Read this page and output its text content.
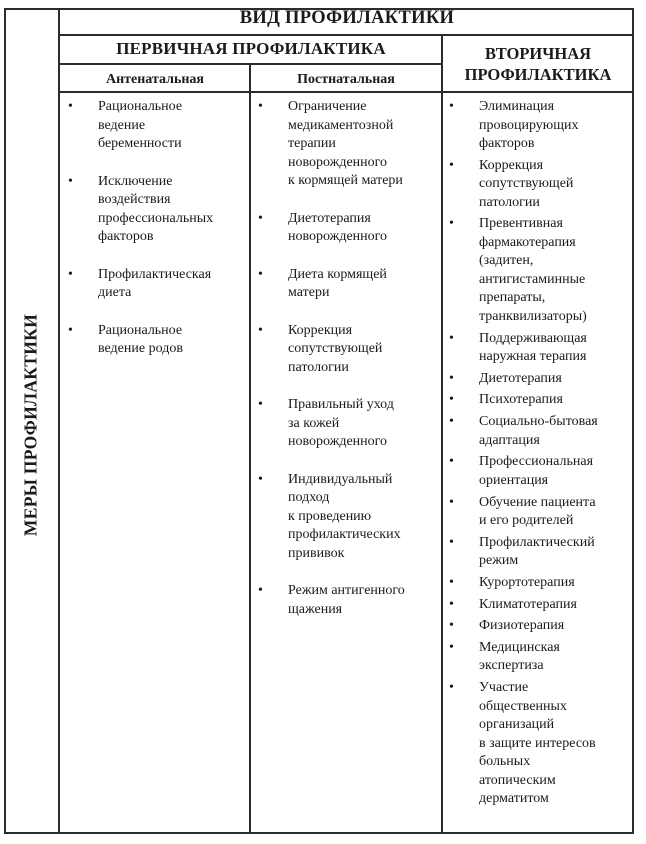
МЕРЫ ПРОФИЛАКТИКИ
ВИД ПРОФИЛАКТИКИ
ПЕРВИЧНАЯ ПРОФИЛАКТИКА	ВТОРИЧНАЯ
ПРОФИЛАКТИКА
Антенатальная	Постнатальная
• Рациональное
ведение
беременности
• Исключение
воздействия
профессиональных
факторов
• Профилактическая
диета
• Рациональное
ведение родов
• Ограничение
медикаментозной
терапии
новорожденного
к кормящей матери
• Диетотерапия
новорожденного
• Диета кормящей
матери
• Коррекция
сопутствующей
патологии
• Правильный уход
за кожей
новорожденного
• Индивидуальный
подход
к проведению
профилактических
прививок
• Режим антигенного
щажения
• Элиминация
провоцирующих
факторов
• Коррекция
сопутствующей
патологии
• Превентивная
фармакотерапия
(задитен,
антигистаминные
препараты,
транквилизаторы)
• Поддерживающая
наружная терапия
• Диетотерапия
• Психотерапия
• Социально-бытовая
адаптация
• Профессиональная
ориентация
• Обучение пациента
и его родителей
• Профилактический
режим
• Курортотерапия
• Климатотерапия
• Физиотерапия
• Медицинская
экспертиза
• Участие
общественных
организаций
в защите интересов
больных
атопическим
дерматитом
